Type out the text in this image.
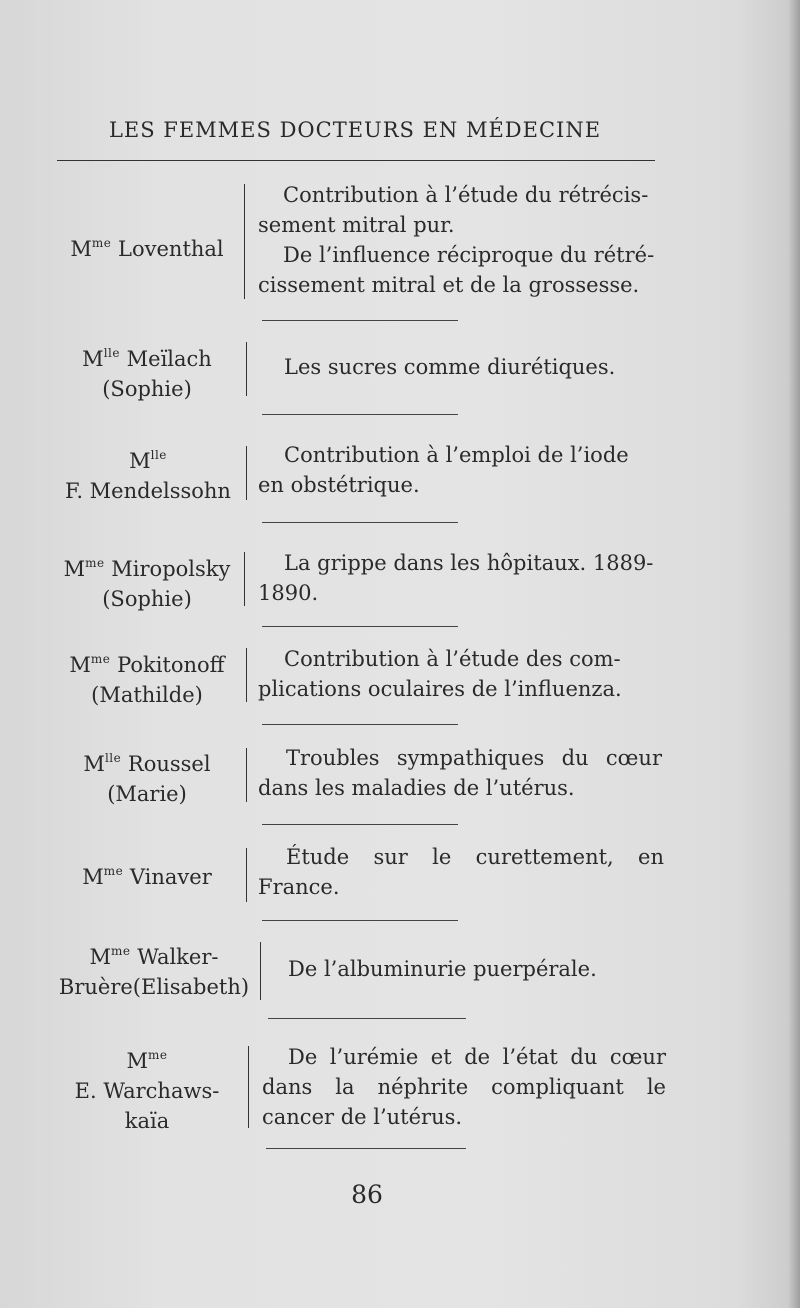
LES FEMMES DOCTEURS EN MÉDECINE

$M^{me}$ Loventhal
Contribution à l’étude du rétrécis-
sement mitral pur.
De l’influence réciproque du rétré-
cissement mitral et de la grossesse.
$M^{lle}$ Meïlach
(Sophie)
Les sucres comme diurétiques.
$M^{lle}$
F. Mendelssohn
Contribution à l’emploi de l’iode
en obstétrique.
$M^{me}$ Miropolsky
(Sophie)
La grippe dans les hôpitaux. 1889-
1890.
$M^{me}$ Pokitonoff
(Mathilde)
Contribution à l’étude des com-
plications oculaires de l’influenza.
$M^{lle}$ Roussel
(Marie)
Troubles sympathiques du cœur
dans les maladies de l’utérus.

$M^{me}$ Vinaver
Étude sur le curettement, en
France.
$M^{me}$ Walker-
Bruère(Elisabeth)
De l’albuminurie puerpérale.
$M^{me}$
E. Warchaws-
kaïa
De l’urémie et de l’état du cœur
dans la néphrite compliquant le
cancer de l’utérus.
86
